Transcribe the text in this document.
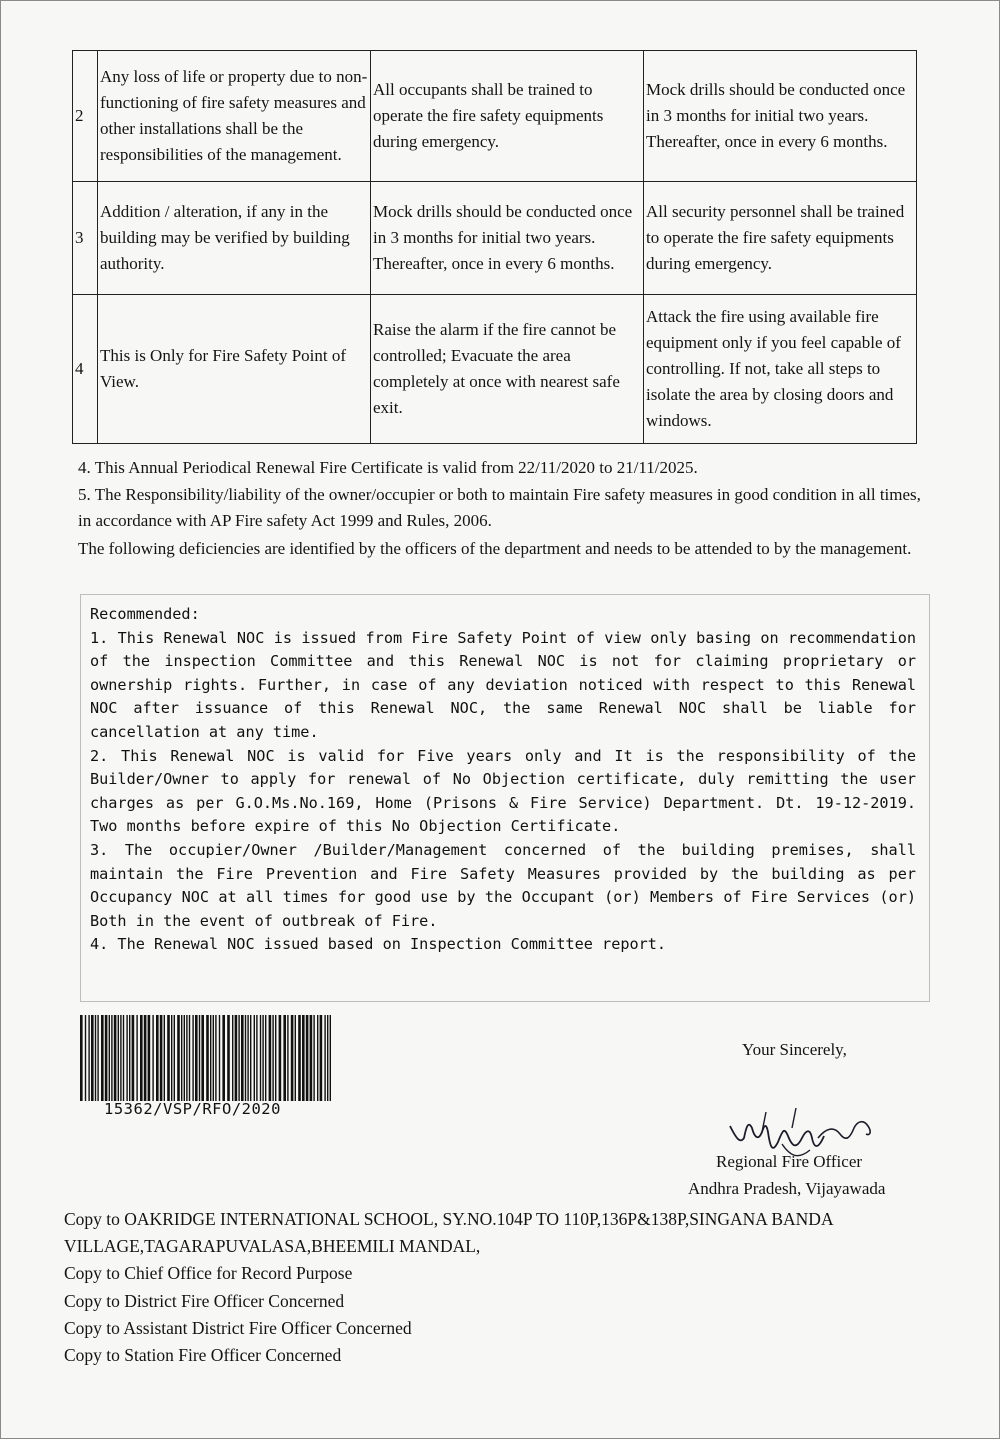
2	Any loss of life or property due to non-functioning of fire safety measures and other installations shall be the responsibilities of the management.	All occupants shall be trained to operate the fire safety equipments during emergency.	Mock drills should be conducted once in 3 months for initial two years. Thereafter, once in every 6 months.
3	Addition / alteration, if any in the building may be verified by building authority.	Mock drills should be conducted once in 3 months for initial two years. Thereafter, once in every 6 months.	All security personnel shall be trained to operate the fire safety equipments during emergency.
4	This is Only for Fire Safety Point of View.	Raise the alarm if the fire cannot be controlled; Evacuate the area completely at once with nearest safe exit.	Attack the fire using available fire equipment only if you feel capable of controlling. If not, take all steps to isolate the area by closing doors and windows.
4. This Annual Periodical Renewal Fire Certificate is valid from 22/11/2020 to 21/11/2025.
5. The Responsibility/liability of the owner/occupier or both to maintain Fire safety measures in good condition in all times, in accordance with AP Fire safety Act 1999 and Rules, 2006.
The following deficiencies are identified by the officers of the department and needs to be attended to by the management.
Recommended:
1. This Renewal NOC is issued from Fire Safety Point of view only basing on recommendation of the inspection Committee and this Renewal NOC is not for claiming proprietary or ownership rights. Further, in case of any deviation noticed with respect to this Renewal NOC after issuance of this Renewal NOC, the same Renewal NOC shall be liable for cancellation at any time.
2. This Renewal NOC is valid for Five years only and It is the responsibility of the Builder/Owner to apply for renewal of No Objection certificate, duly remitting the user charges as per G.O.Ms.No.169, Home (Prisons & Fire Service) Department. Dt. 19-12-2019. Two months before expire of this No Objection Certificate.
3. The occupier/Owner /Builder/Management concerned of the building premises, shall maintain the Fire Prevention and Fire Safety Measures provided by the building as per Occupancy NOC at all times for good use by the Occupant (or) Members of Fire Services (or) Both in the event of outbreak of Fire.
4. The Renewal NOC issued based on Inspection Committee report.
15362/VSP/RFO/2020
Your Sincerely,
Regional Fire Officer
Andhra Pradesh, Vijayawada
Copy to OAKRIDGE INTERNATIONAL SCHOOL, SY.NO.104P TO 110P,136P&138P,SINGANA BANDA VILLAGE,TAGARAPUVALASA,BHEEMILI MANDAL,
Copy to Chief Office for Record Purpose
Copy to District Fire Officer Concerned
Copy to Assistant District Fire Officer Concerned
Copy to Station Fire Officer Concerned
